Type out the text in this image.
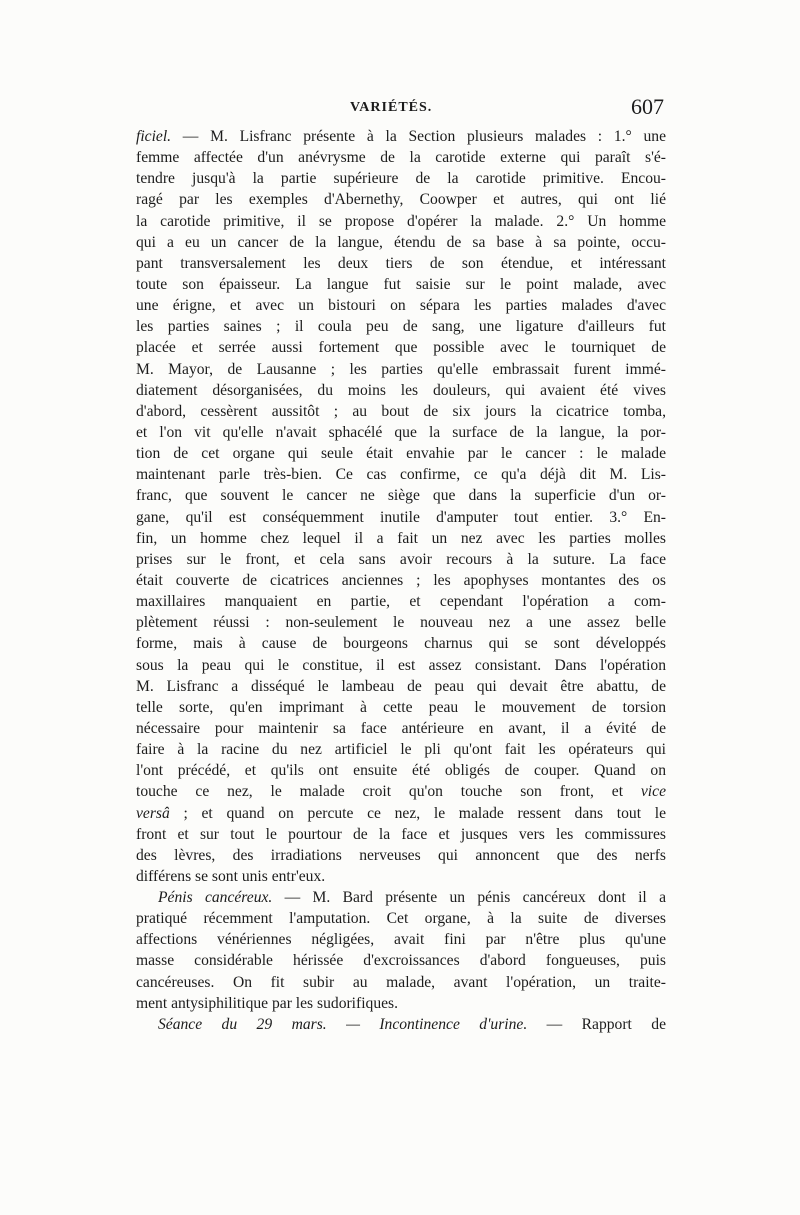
VARIÉTÉS.	607
ficiel. — M. Lisfranc présente à la Section plusieurs malades : 1.° une
femme affectée d'un anévrysme de la carotide externe qui paraît s'é-
tendre jusqu'à la partie supérieure de la carotide primitive. Encou-
ragé par les exemples d'Abernethy, Coowper et autres, qui ont lié
la carotide primitive, il se propose d'opérer la malade. 2.° Un homme
qui a eu un cancer de la langue, étendu de sa base à sa pointe, occu-
pant transversalement les deux tiers de son étendue, et intéressant
toute son épaisseur. La langue fut saisie sur le point malade, avec
une érigne, et avec un bistouri on sépara les parties malades d'avec
les parties saines ; il coula peu de sang, une ligature d'ailleurs fut
placée et serrée aussi fortement que possible avec le tourniquet de
M. Mayor, de Lausanne ; les parties qu'elle embrassait furent immé-
diatement désorganisées, du moins les douleurs, qui avaient été vives
d'abord, cessèrent aussitôt ; au bout de six jours la cicatrice tomba,
et l'on vit qu'elle n'avait sphacélé que la surface de la langue, la por-
tion de cet organe qui seule était envahie par le cancer : le malade
maintenant parle très-bien. Ce cas confirme, ce qu'a déjà dit M. Lis-
franc, que souvent le cancer ne siège que dans la superficie d'un or-
gane, qu'il est conséquemment inutile d'amputer tout entier. 3.° En-
fin, un homme chez lequel il a fait un nez avec les parties molles
prises sur le front, et cela sans avoir recours à la suture. La face
était couverte de cicatrices anciennes ; les apophyses montantes des os
maxillaires manquaient en partie, et cependant l'opération a com-
plètement réussi : non-seulement le nouveau nez a une assez belle
forme, mais à cause de bourgeons charnus qui se sont développés
sous la peau qui le constitue, il est assez consistant. Dans l'opération
M. Lisfranc a disséqué le lambeau de peau qui devait être abattu, de
telle sorte, qu'en imprimant à cette peau le mouvement de torsion
nécessaire pour maintenir sa face antérieure en avant, il a évité de
faire à la racine du nez artificiel le pli qu'ont fait les opérateurs qui
l'ont précédé, et qu'ils ont ensuite été obligés de couper. Quand on
touche ce nez, le malade croit qu'on touche son front, et vice
versâ ; et quand on percute ce nez, le malade ressent dans tout le
front et sur tout le pourtour de la face et jusques vers les commissures
des lèvres, des irradiations nerveuses qui annoncent que des nerfs
différens se sont unis entr'eux.
Pénis cancéreux. — M. Bard présente un pénis cancéreux dont il a
pratiqué récemment l'amputation. Cet organe, à la suite de diverses
affections vénériennes négligées, avait fini par n'être plus qu'une
masse considérable hérissée d'excroissances d'abord fongueuses, puis
cancéreuses. On fit subir au malade, avant l'opération, un traite-
ment antysiphilitique par les sudorifiques.
Séance du 29 mars. — Incontinence d'urine. — Rapport de
